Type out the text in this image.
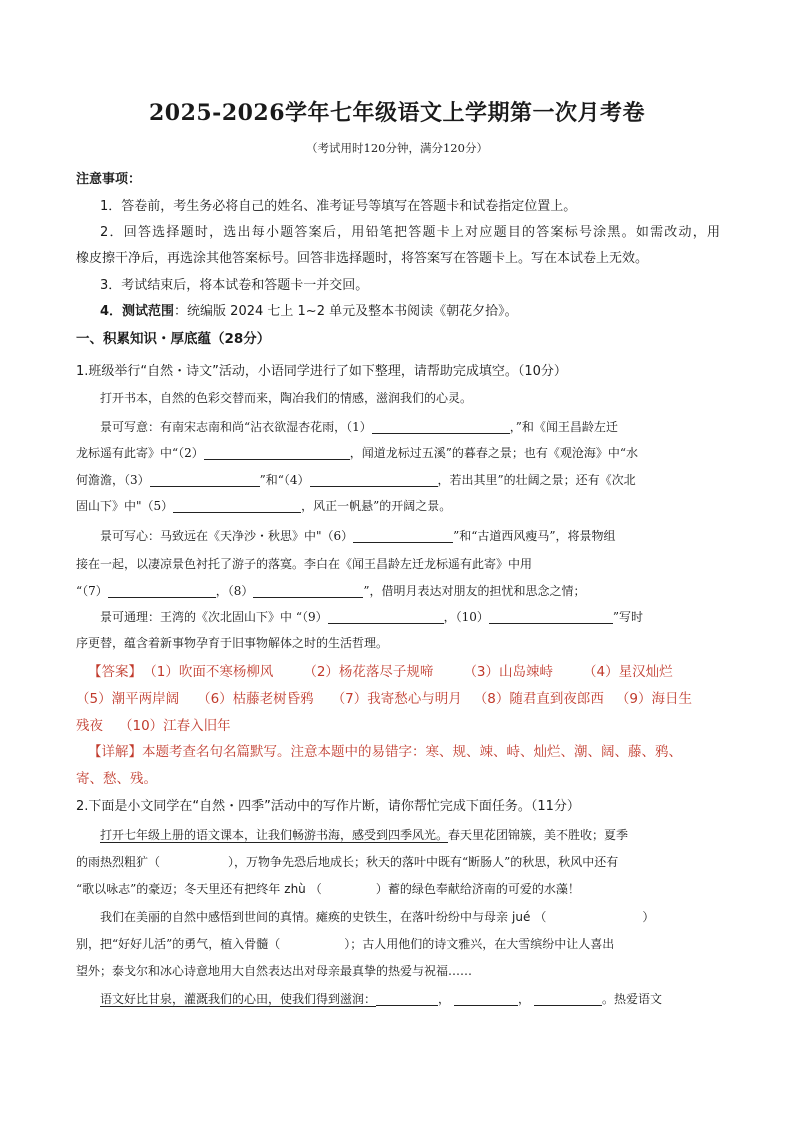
2025-2026学年七年级语文上学期第一次月考卷
（考试用时120分钟，满分120分）
注意事项：
1．答卷前，考生务必将自己的姓名、准考证号等填写在答题卡和试卷指定位置上。
2．回答选择题时，选出每小题答案后，用铅笔把答题卡上对应题目的答案标号涂黑。如需改动，用
橡皮擦干净后，再选涂其他答案标号。回答非选择题时，将答案写在答题卡上。写在本试卷上无效。
3．考试结束后，将本试卷和答题卡一并交回。
4．测试范围：统编版 2024 七上 1~2 单元及整本书阅读《朝花夕拾》。
一、积累知识・厚底蕴（28分）
1.班级举行“自然・诗文”活动，小语同学进行了如下整理，请帮助完成填空。（10分）
打开书本，自然的色彩交替而来，陶冶我们的情感，滋润我们的心灵。
景可写意：有南宋志南和尚“沾衣欲湿杏花雨，（1）	，”和《闻王昌龄左迁
龙标遥有此寄》中“（2）	，闻道龙标过五溪”的暮春之景；也有《观沧海》中“水
何澹澹，（3）	”和“（4）	，若出其里”的壮阔之景；还有《次北
固山下》中"（5）	，风正一帆悬”的开阔之景。
景可写心：马致远在《天净沙・秋思》中"（6）	”和“古道西风瘦马”，将景物组
接在一起，以凄凉景色衬托了游子的落寞。李白在《闻王昌龄左迁龙标遥有此寄》中用
“（7）	，（8）	”，借明月表达对朋友的担忧和思念之情；
景可通理：王湾的《次北固山下》中 “（9）	，（10）	”写时
序更替，蕴含着新事物孕育于旧事物解体之时的生活哲理。
【答案】 （1）吹面不寒杨柳风 （2）杨花落尽子规啼 （3）山岛竦峙 （4）星汉灿烂
（5）潮平两岸阔 （6）枯藤老树昏鸦 （7）我寄愁心与明月 （8）随君直到夜郎西 （9）海日生
残夜 （10）江春入旧年
【详解】本题考查名句名篇默写。注意本题中的易错字：寒、规、竦、峙、灿烂、潮、阔、藤、鸦、
寄、愁、残。
2.下面是小文同学在“自然・四季”活动中的写作片断，请你帮忙完成下面任务。（11分）
打开七年级上册的语文课本，让我们畅游书海，感受到四季风光。春天里花团锦簇，美不胜收；夏季
的雨热烈粗犷（	），万物争先恐后地成长；秋天的落叶中既有“断肠人”的秋思，秋风中还有
“歌以咏志”的豪迈；冬天里还有把终年 zhù （	）蓄的绿色奉献给济南的可爱的水藻！
我们在美丽的自然中感悟到世间的真情。瘫痪的史铁生，在落叶纷纷中与母亲 jué （	）
别，把“好好儿活”的勇气，植入骨髓（	）；古人用他们的诗文雅兴，在大雪缤纷中让人喜出
望外；泰戈尔和冰心诗意地用大自然表达出对母亲最真挚的热爱与祝福……
语文好比甘泉，灌溉我们的心田，使我们得到滋润：	，	，	。热爱语文
